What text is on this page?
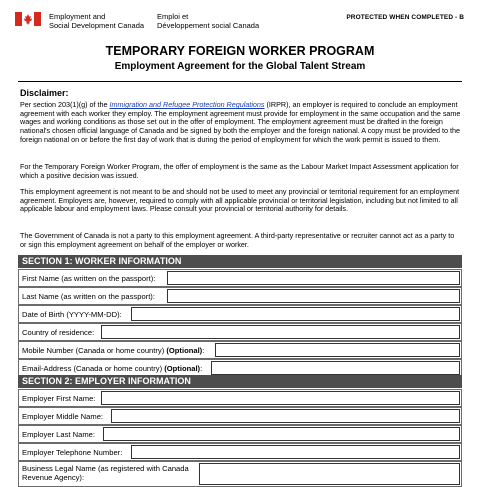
Employment and
Social Development Canada
Emploi et
Développement social Canada
PROTECTED WHEN COMPLETED - B
TEMPORARY FOREIGN WORKER PROGRAM
Employment Agreement for the Global Talent Stream
Disclaimer:

Per section 203(1)(g) of the Immigration and Refugee Protection Regulations (IRPR), an employer is required to conclude an employment agreement with each worker they employ. The employment agreement must provide for employment in the same occupation and the same wages and working conditions as those set out in the offer of employment. The employment agreement must be drafted in the foreign national's chosen official language of Canada and be signed by both the employer and the foreign national. A copy must be provided to the foreign national on or before the first day of work that is during the period of employment for which the work permit is issued to them.

For the Temporary Foreign Worker Program, the offer of employment is the same as the Labour Market Impact Assessment application for which a positive decision was issued.

This employment agreement is not meant to be and should not be used to meet any provincial or territorial requirement for an employment agreement. Employers are, however, required to comply with all applicable provincial or territorial legislation, including but not limited to all applicable labour and employment laws. Please consult your provincial or territorial authority for details.

The Government of Canada is not a party to this employment agreement. A third-party representative or recruiter cannot act as a party to or sign this employment agreement on behalf of the employer or worker.

SECTION 1: WORKER INFORMATION
First Name (as written on the passport):
Last Name (as written on the passport):
Date of Birth (YYYY-MM-DD):
Country of residence:
Mobile Number (Canada or home country) (Optional):
Email-Address (Canada or home country) (Optional):
SECTION 2: EMPLOYER INFORMATION
Employer First Name:
Employer Middle Name:
Employer Last Name:
Employer Telephone Number:
Business Legal Name (as registered with Canada
Revenue Agency):
